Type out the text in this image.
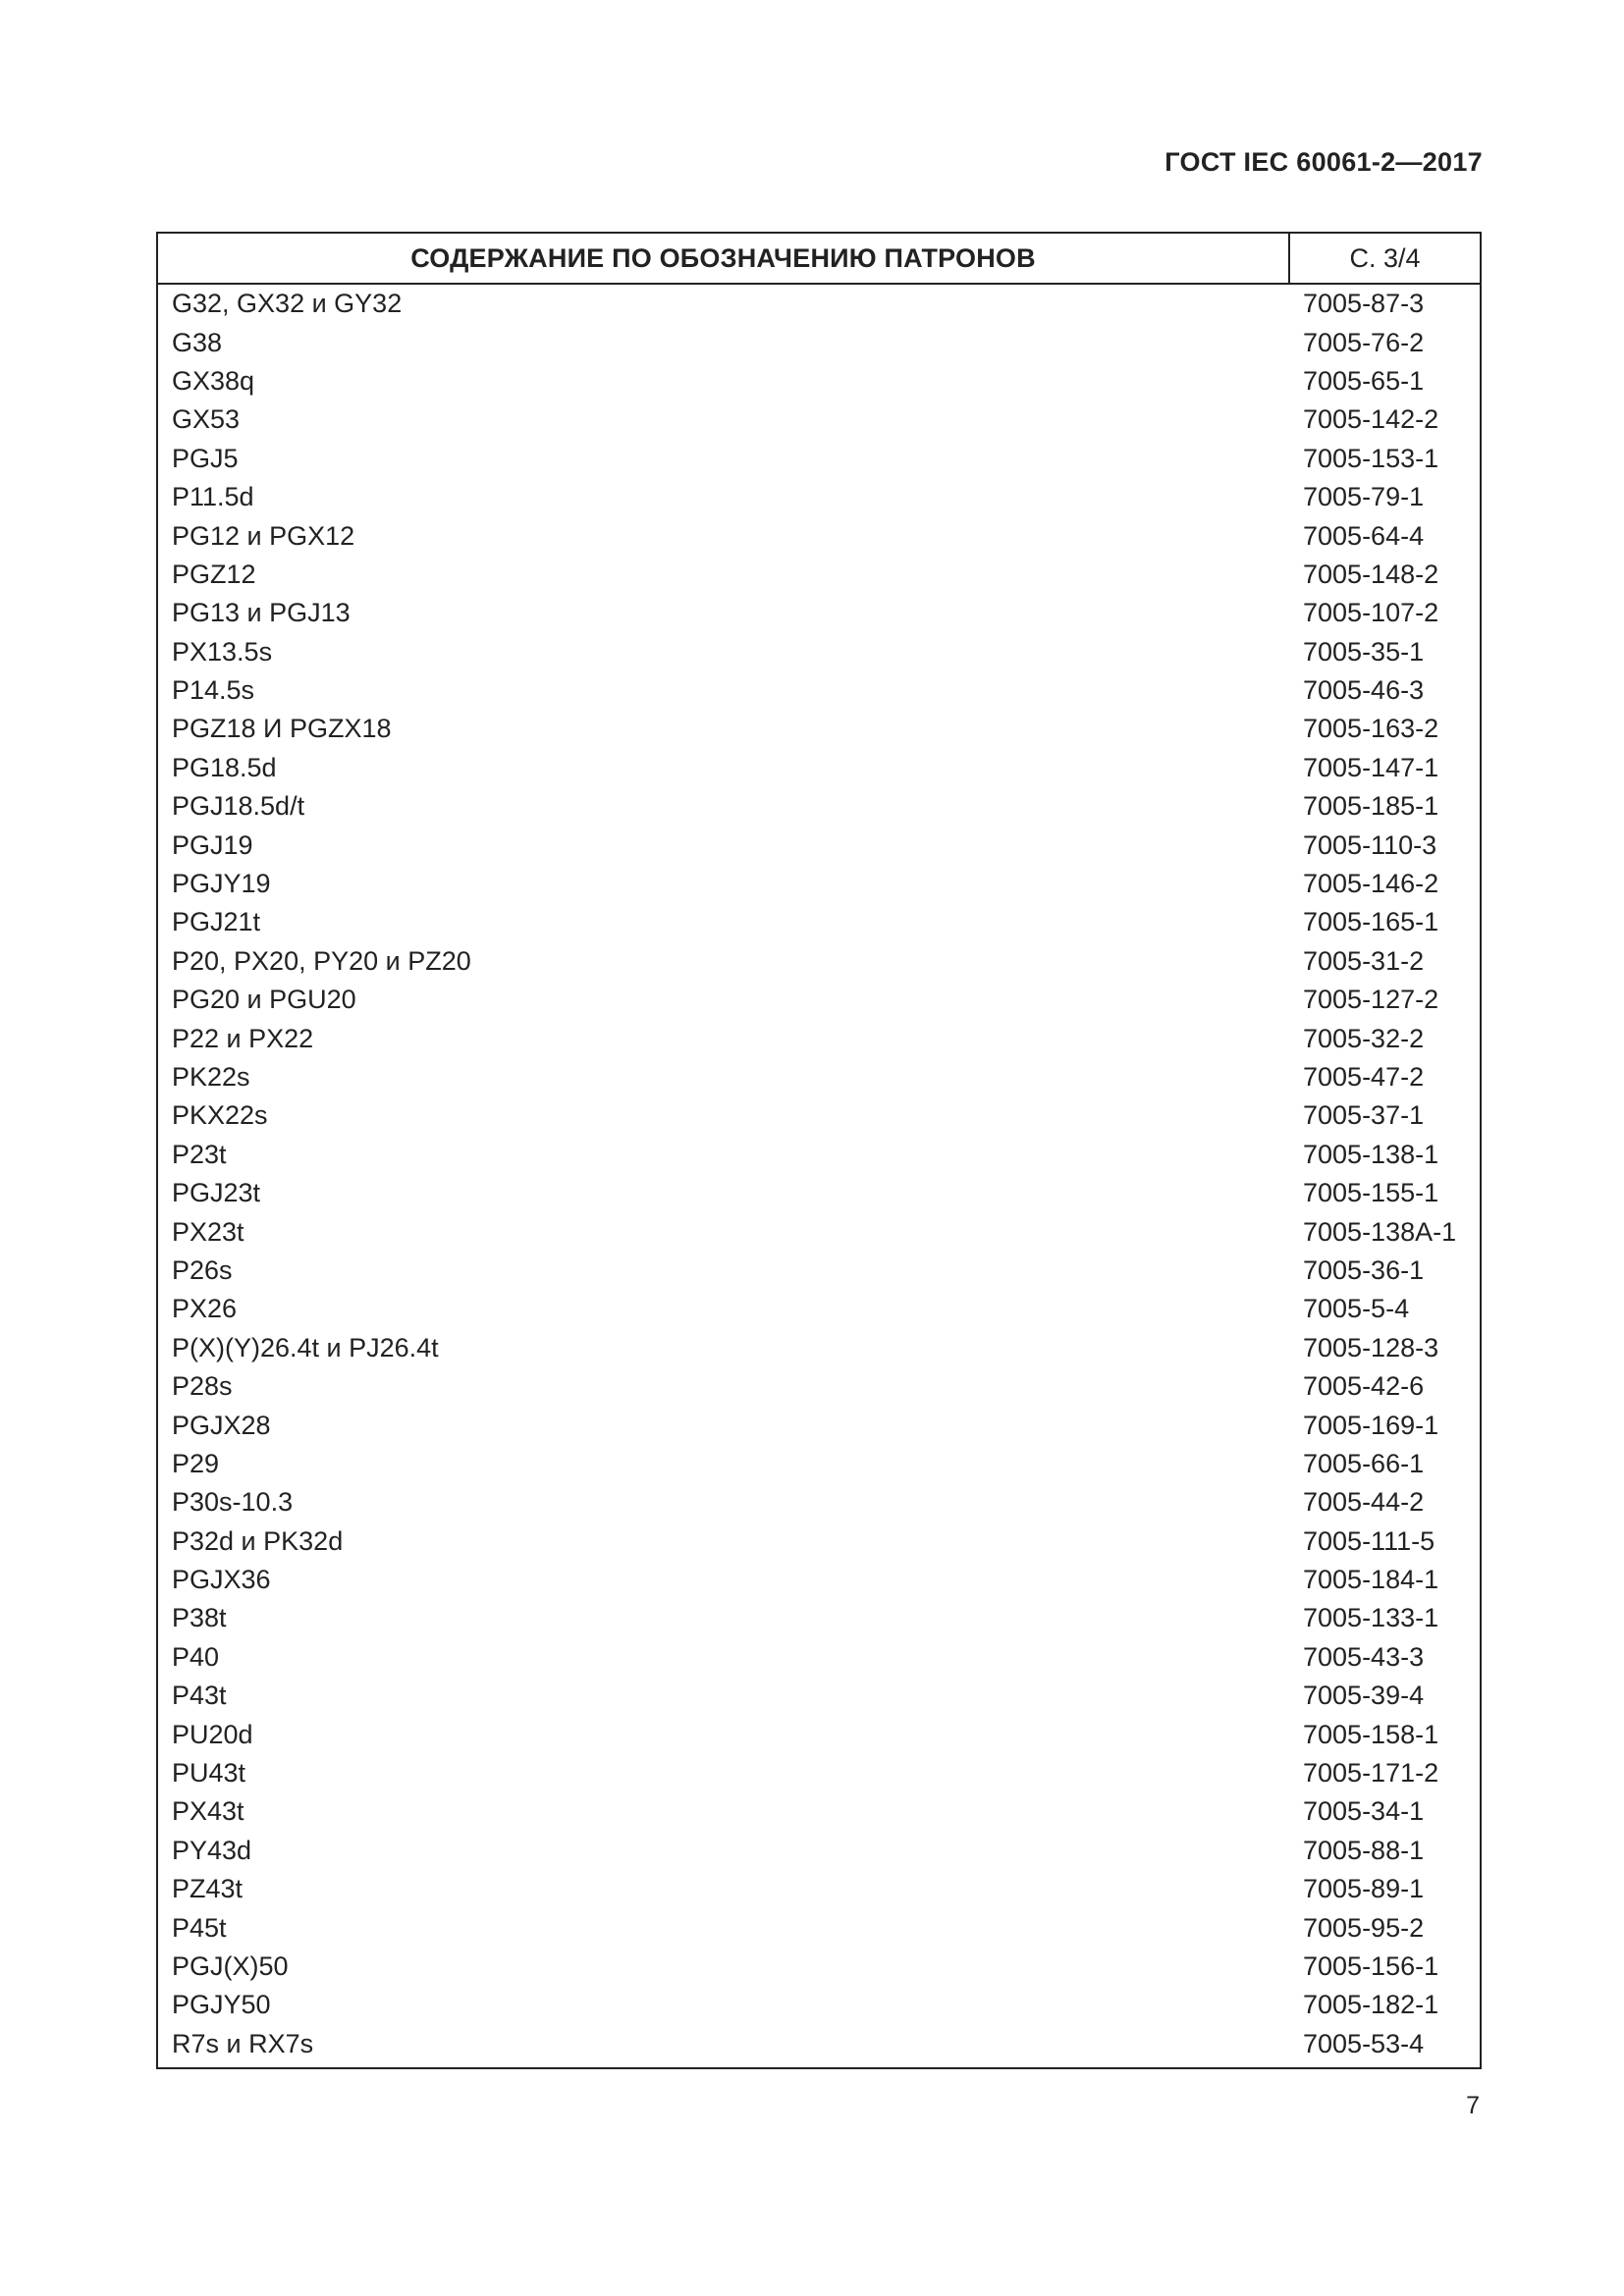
ГОСТ IEC 60061-2—2017
СОДЕРЖАНИЕ ПО ОБОЗНАЧЕНИЮ ПАТРОНОВ	С. 3/4
G32, GX32 и GY32	7005-87-3
G38	7005-76-2
GX38q	7005-65-1
GX53	7005-142-2
PGJ5	7005-153-1
P11.5d	7005-79-1
PG12 и PGX12	7005-64-4
PGZ12	7005-148-2
PG13 и PGJ13	7005-107-2
PX13.5s	7005-35-1
P14.5s	7005-46-3
PGZ18 И PGZX18	7005-163-2
PG18.5d	7005-147-1
PGJ18.5d/t	7005-185-1
PGJ19	7005-110-3
PGJY19	7005-146-2
PGJ21t	7005-165-1
P20, PX20, PY20 и PZ20	7005-31-2
PG20 и PGU20	7005-127-2
P22 и PX22	7005-32-2
PK22s	7005-47-2
PKX22s	7005-37-1
P23t	7005-138-1
PGJ23t	7005-155-1
PX23t	7005-138A-1
P26s	7005-36-1
PX26	7005-5-4
P(X)(Y)26.4t и PJ26.4t	7005-128-3
P28s	7005-42-6
PGJX28	7005-169-1
P29	7005-66-1
P30s-10.3	7005-44-2
P32d и PK32d	7005-111-5
PGJX36	7005-184-1
P38t	7005-133-1
P40	7005-43-3
P43t	7005-39-4
PU20d	7005-158-1
PU43t	7005-171-2
PX43t	7005-34-1
PY43d	7005-88-1
PZ43t	7005-89-1
P45t	7005-95-2
PGJ(X)50	7005-156-1
PGJY50	7005-182-1
R7s и RX7s	7005-53-4
7
